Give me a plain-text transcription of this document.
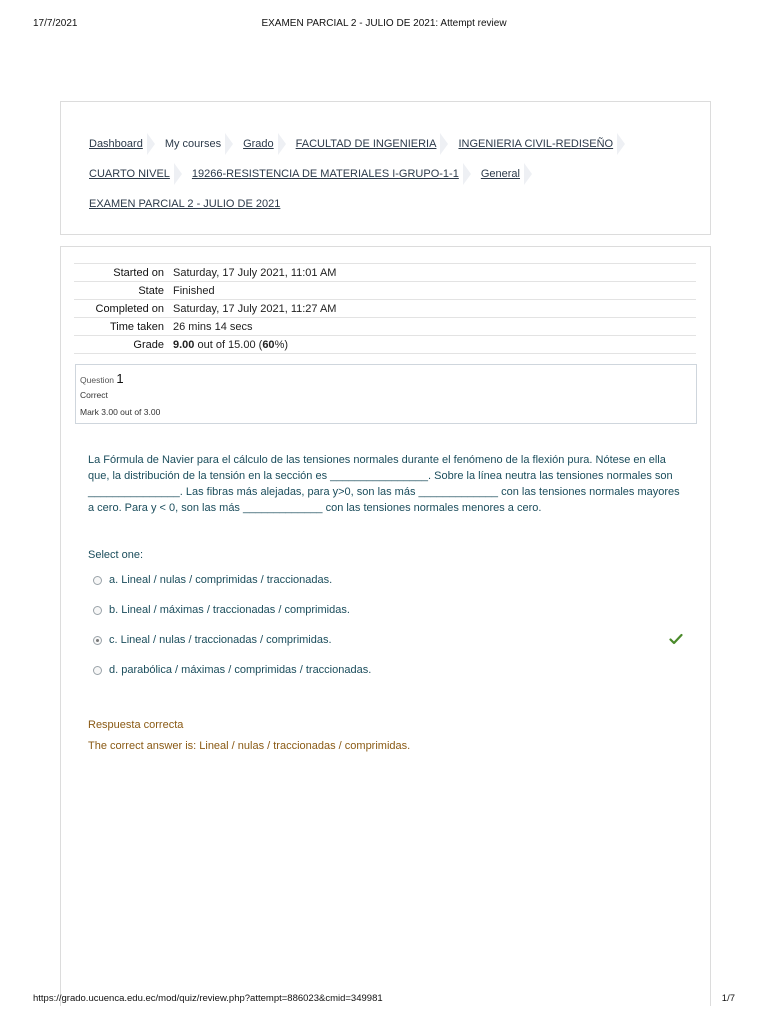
17/7/2021	EXAMEN PARCIAL 2 - JULIO DE 2021: Attempt review
Dashboard My courses Grado FACULTAD DE INGENIERIA INGENIERIA CIVIL-REDISEÑO
CUARTO NIVEL 19266-RESISTENCIA DE MATERIALES I-GRUPO-1-1 General
EXAMEN PARCIAL 2 - JULIO DE 2021
Started on	Saturday, 17 July 2021, 11:01 AM
State	Finished
Completed on	Saturday, 17 July 2021, 11:27 AM
Time taken	26 mins 14 secs
Grade	9.00 out of 15.00 (60%)
Question 1
Correct
Mark 3.00 out of 3.00
La Fórmula de Navier para el cálculo de las tensiones normales durante el fenómeno de la flexión pura. Nótese en ella que, la distribución de la tensión en la sección es ________________. Sobre la línea neutra las tensiones normales son _______________. Las fibras más alejadas, para y>0, son las más _____________ con las tensiones normales mayores a cero. Para y < 0, son las más _____________ con las tensiones normales menores a cero.
Select one:
a. Lineal / nulas / comprimidas / traccionadas.
b. Lineal / máximas / traccionadas / comprimidas.
c. Lineal / nulas / traccionadas / comprimidas.
d. parabólica / máximas / comprimidas / traccionadas.
Respuesta correcta
The correct answer is: Lineal / nulas / traccionadas / comprimidas.
https://grado.ucuenca.edu.ec/mod/quiz/review.php?attempt=886023&cmid=349981	1/7
